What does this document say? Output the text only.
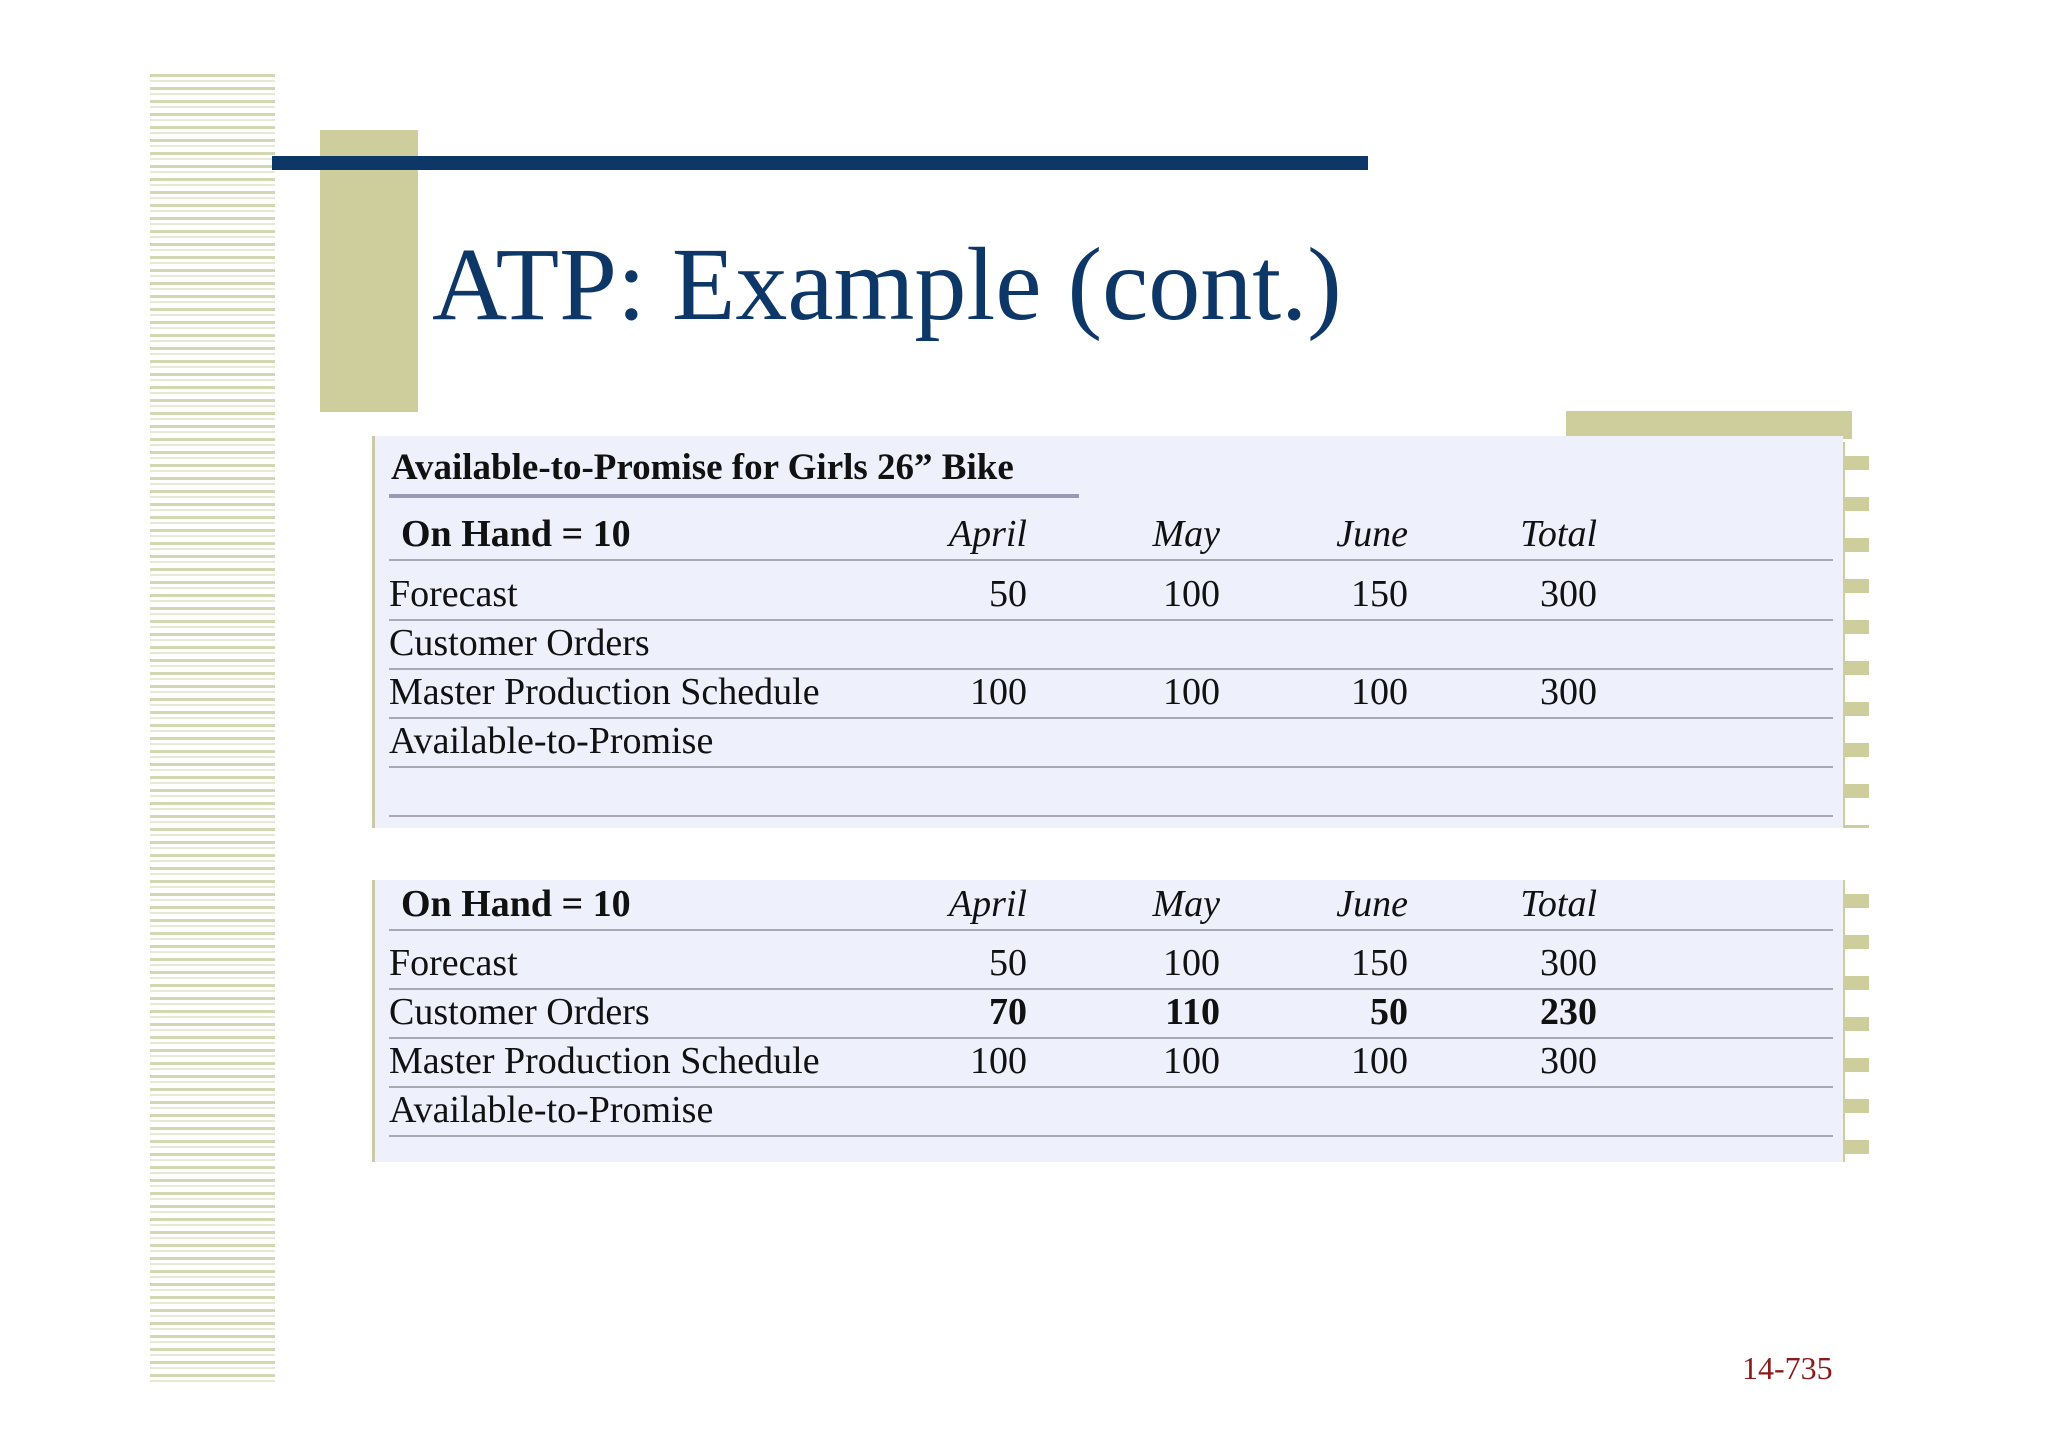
ATP: Example (cont.)
Available-to-Promise for Girls 26” Bike
On Hand = 10	April	May	June	Total
Forecast	50	100	150	300
Customer Orders
Master Production Schedule	100	100	100	300
Available-to-Promise
On Hand = 10	April	May	June	Total
Forecast	50	100	150	300
Customer Orders	70	110	50	230
Master Production Schedule	100	100	100	300
Available-to-Promise
14-735
